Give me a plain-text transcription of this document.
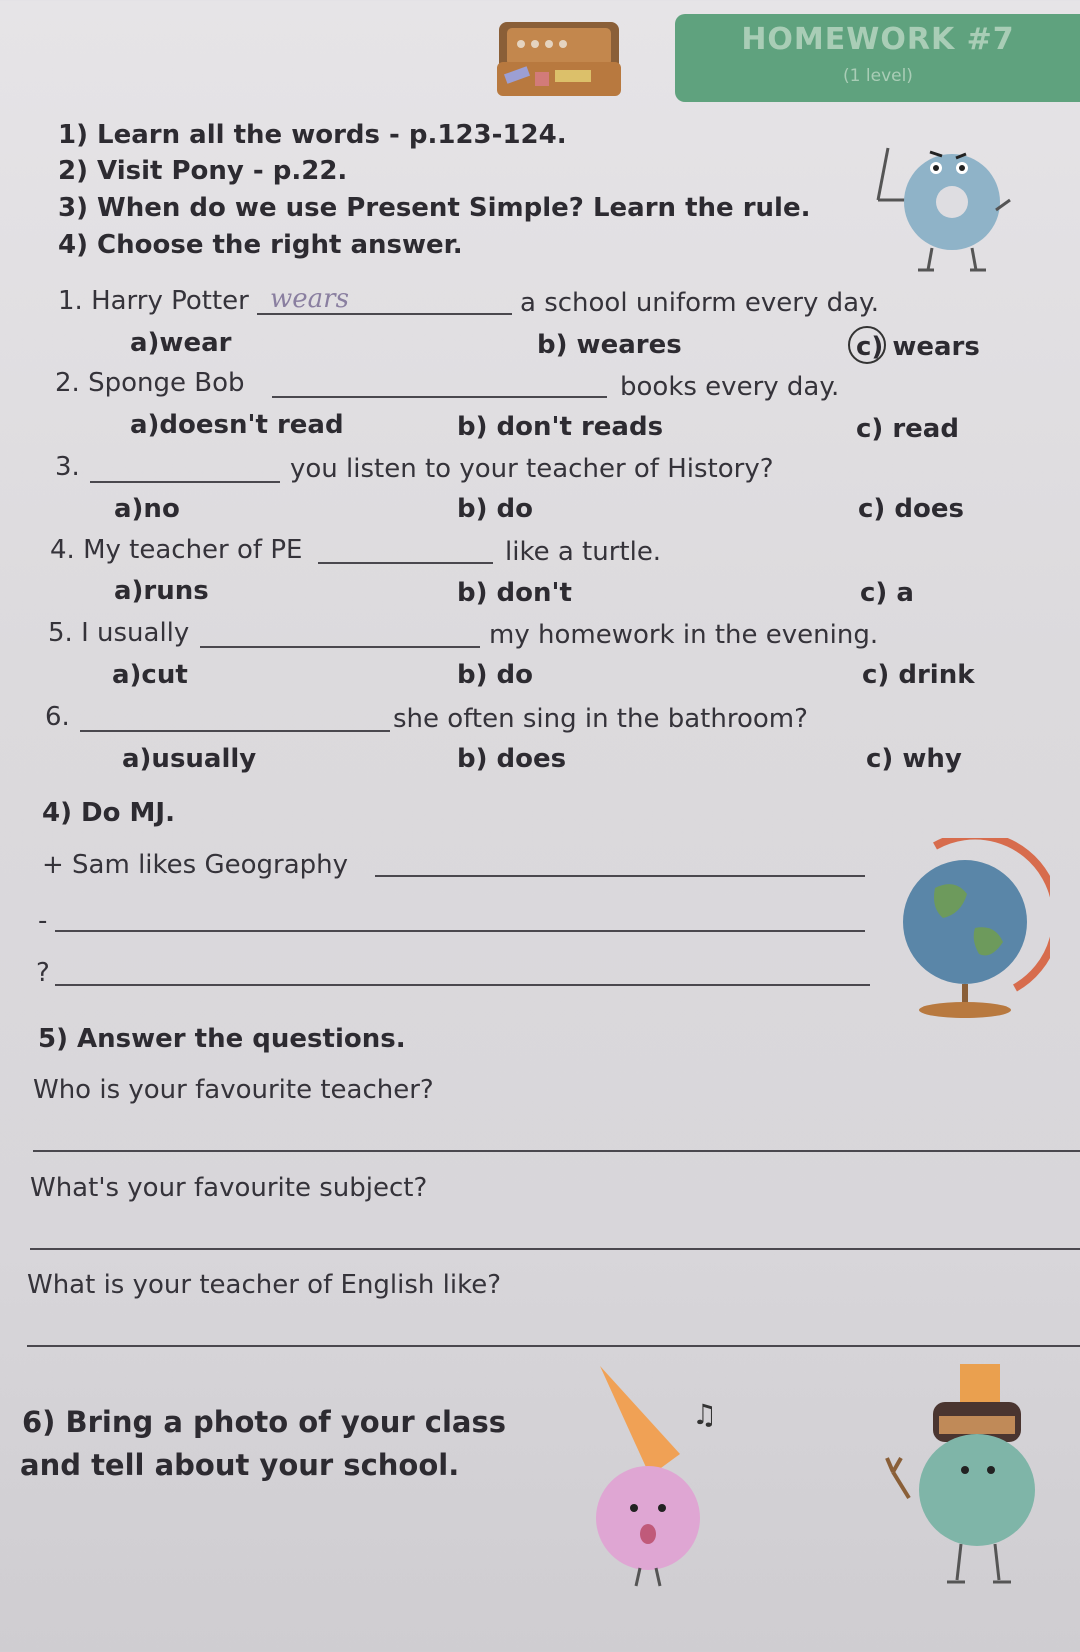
HOMEWORK #7
(1 level)
1) Learn all the words - p.123-124.
2) Visit Pony - p.22.
3) When do we use Present Simple? Learn the rule.
4) Choose the right answer.
1. Harry Potter wears	a school uniform every day.
a)wear	b) weares	c) wears
2. Sponge Bob	books every day.
a)doesn't read	b) don't reads	c) read
3.	you listen to your teacher of History?
a)no	b) do	c) does
4. My teacher of PE	like a turtle.
a)runs	b) don't	c) a
5. I usually	my homework in the evening.
a)cut	b) do	c) drink
6.	she often sing in the bathroom?
a)usually	b) does	c) why
4) Do MJ.
+ Sam likes Geography
-
?
5) Answer the questions.
Who is your favourite teacher?
What's your favourite subject?
What is your teacher of English like?
6) Bring a photo of your class
and tell about your school.
♫
